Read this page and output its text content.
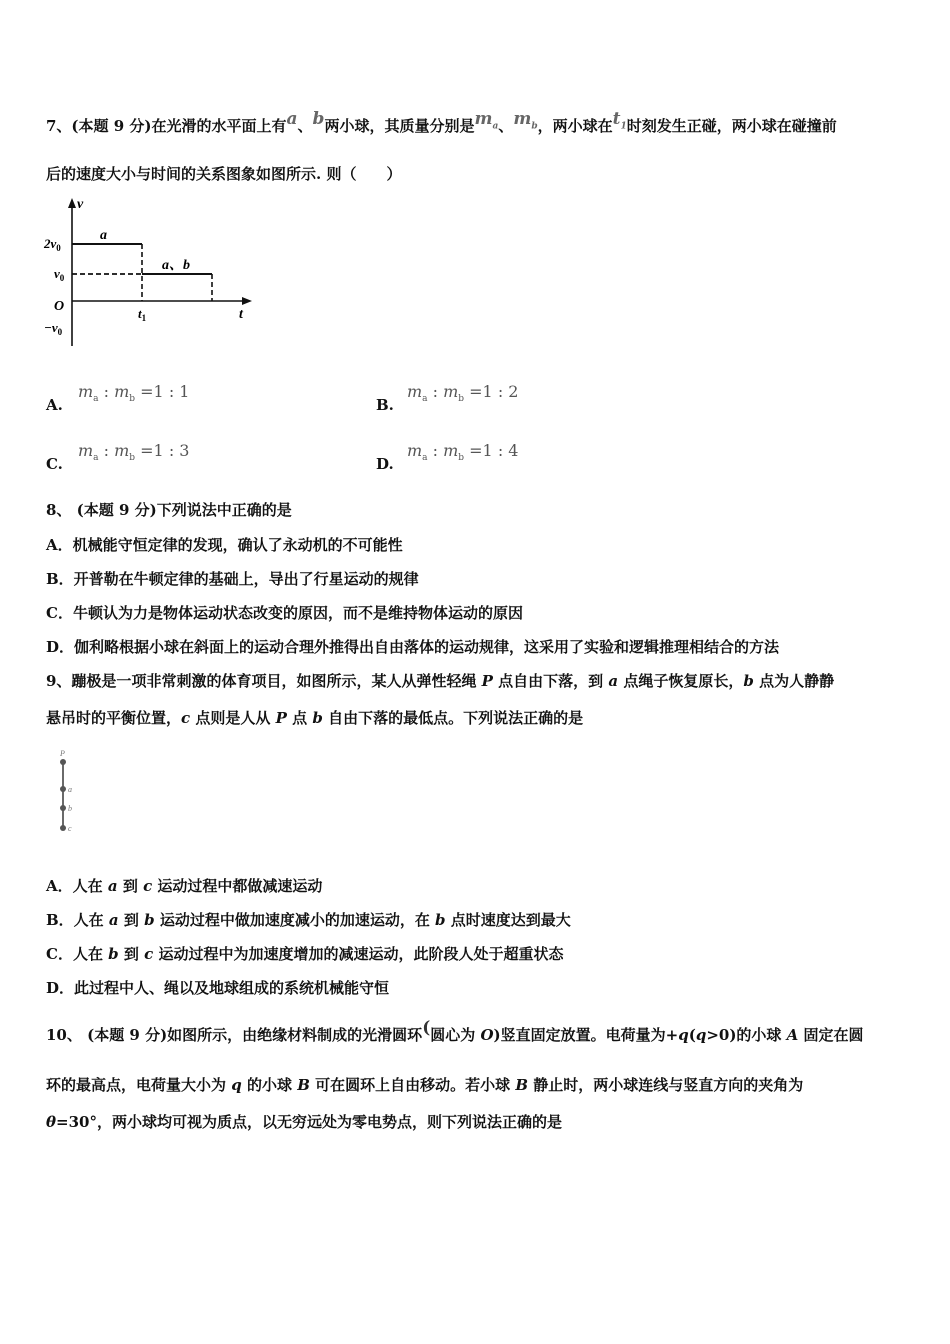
7、(本题 9 分)在光滑的水平面上有a、b两小球，其质量分别是$m_a$、$m_b$，两小球在$t_1$时刻发生正碰，两小球在碰撞前
后的速度大小与时间的关系图象如图所示. 则（　　）
v
$2v_0$
$v_0$
O
$-v_0$
a
a、b
$t_1$	t
A.
$m_a$ : $m_b =1$ : 1
B.
$m_a$ : $m_b =1$ : 2
C.
$m_a$ : $m_b =1$ : 3
D.
$m_a$ : $m_b =1$ : 4
8、 (本题 9 分)下列说法中正确的是
A．机械能守恒定律的发现，确认了永动机的不可能性
B．开普勒在牛顿定律的基础上，导出了行星运动的规律
C．牛顿认为力是物体运动状态改变的原因，而不是维持物体运动的原因
D．伽利略根据小球在斜面上的运动合理外推得出自由落体的运动规律，这采用了实验和逻辑推理相结合的方法
9、蹦极是一项非常刺激的体育项目，如图所示，某人从弹性轻绳 P 点自由下落，到 a 点绳子恢复原长，b 点为人静静
悬吊时的平衡位置，c 点则是人从 P 点 b 自由下落的最低点。下列说法正确的是
P
a
b
c
A．人在 a 到 c 运动过程中都做减速运动
B．人在 a 到 b 运动过程中做加速度减小的加速运动，在 b 点时速度达到最大
C．人在 b 到 c 运动过程中为加速度增加的减速运动，此阶段人处于超重状态
D．此过程中人、绳以及地球组成的系统机械能守恒
10、 (本题 9 分)如图所示，由绝缘材料制成的光滑圆环(圆心为 O)竖直固定放置。电荷量为+q(q>0)的小球 A 固定在圆
环的最高点，电荷量大小为 q 的小球 B 可在圆环上自由移动。若小球 B 静止时，两小球连线与竖直方向的夹角为
θ=30°，两小球均可视为质点，以无穷远处为零电势点，则下列说法正确的是
